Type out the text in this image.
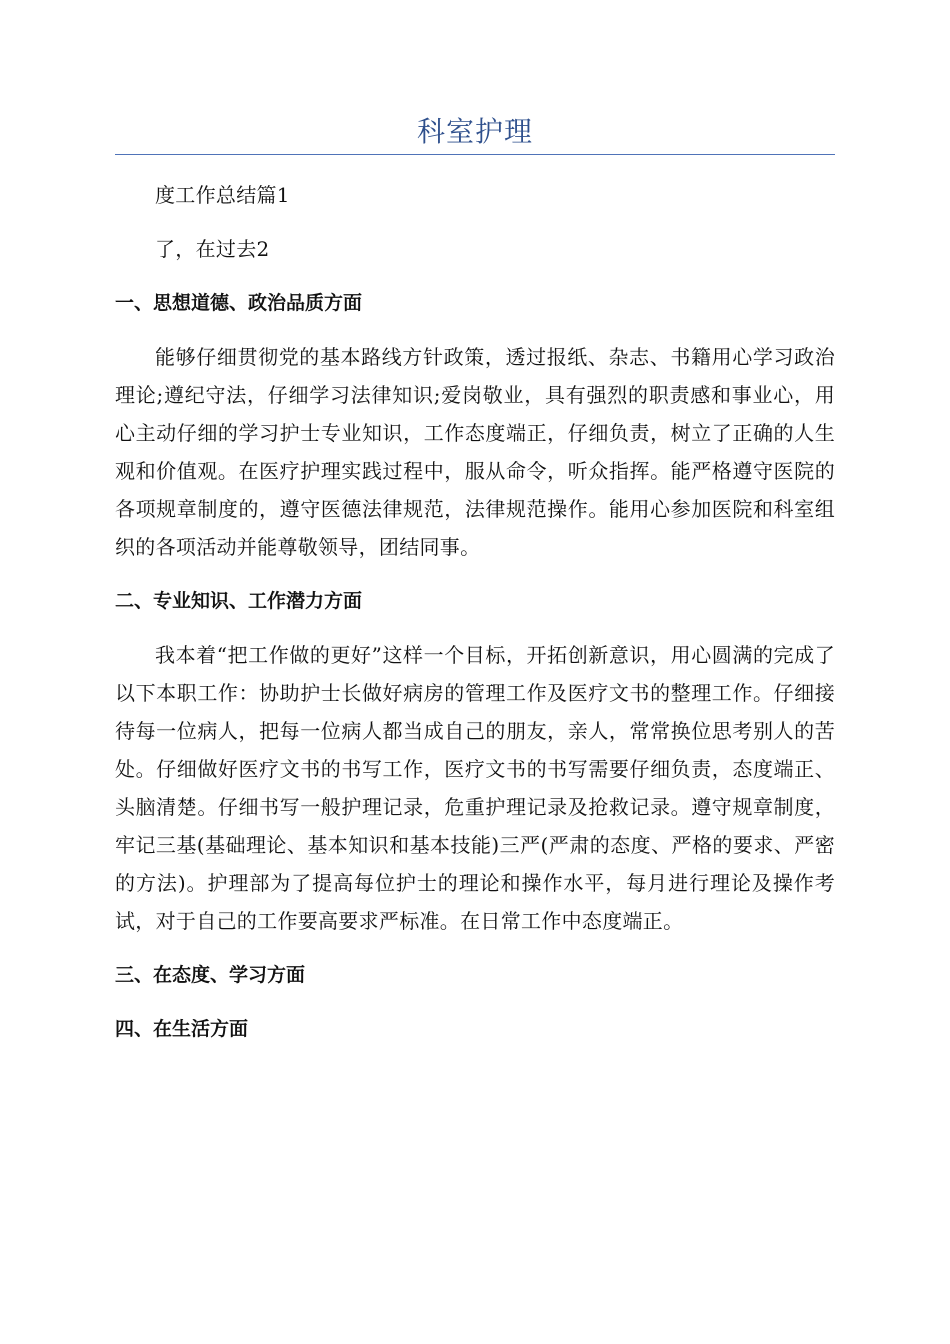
科室护理

度工作总结篇1

了，在过去2

一、思想道德、政治品质方面

能够仔细贯彻党的基本路线方针政策，透过报纸、杂志、书籍用心学习政治理论;遵纪守法，仔细学习法律知识;爱岗敬业，具有强烈的职责感和事业心，用心主动仔细的学习护士专业知识，工作态度端正，仔细负责，树立了正确的人生观和价值观。在医疗护理实践过程中，服从命令，听众指挥。能严格遵守医院的各项规章制度的，遵守医德法律规范，法律规范操作。能用心参加医院和科室组织的各项活动并能尊敬领导，团结同事。

二、专业知识、工作潜力方面

我本着“把工作做的更好”这样一个目标，开拓创新意识，用心圆满的完成了以下本职工作：协助护士长做好病房的管理工作及医疗文书的整理工作。仔细接待每一位病人，把每一位病人都当成自己的朋友，亲人，常常换位思考别人的苦处。仔细做好医疗文书的书写工作，医疗文书的书写需要仔细负责，态度端正、头脑清楚。仔细书写一般护理记录，危重护理记录及抢救记录。遵守规章制度，牢记三基(基础理论、基本知识和基本技能)三严(严肃的态度、严格的要求、严密的方法)。护理部为了提高每位护士的理论和操作水平，每月进行理论及操作考试，对于自己的工作要高要求严标准。在日常工作中态度端正。

三、在态度、学习方面
四、在生活方面
